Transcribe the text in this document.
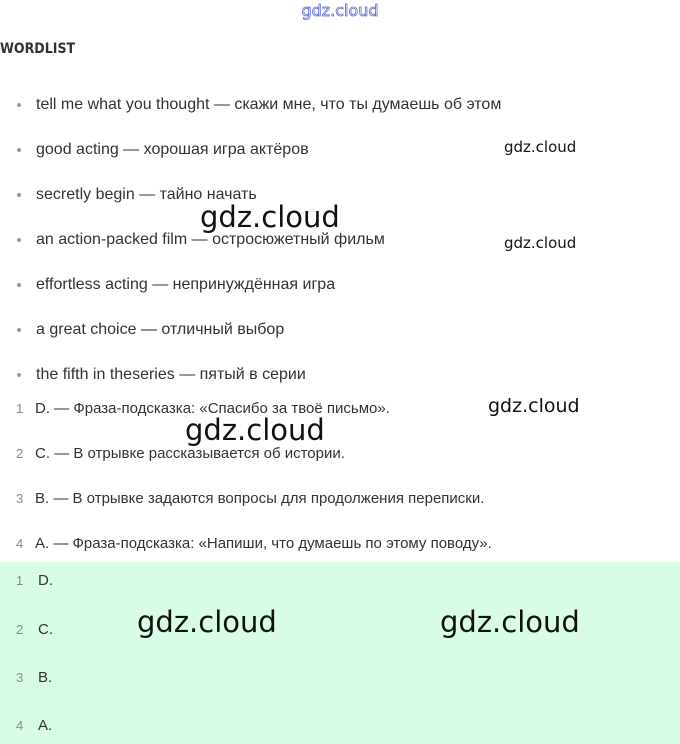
gdz.cloud
WORDLIST
tell me what you thought — скажи мне, что ты думаешь об этом
good acting — хорошая игра актёров
secretly begin — тайно начать
an action-packed film — остросюжетный фильм
effortless acting — непринуждённая игра
a great choice — отличный выбор
the fifth in theseries — пятый в серии
1 D. — Фраза-подсказка: «Спасибо за твоё письмо».
2 C. — В отрывке рассказывается об истории.
3 B. — В отрывке задаются вопросы для продолжения переписки.
4 A. — Фраза-подсказка: «Напиши, что думаешь по этому поводу».
1 D.
2 C.
3 B.
4 A.
gdz.cloud
gdz.cloud
gdz.cloud
gdz.cloud
gdz.cloud
gdz.cloud	gdz.cloud
